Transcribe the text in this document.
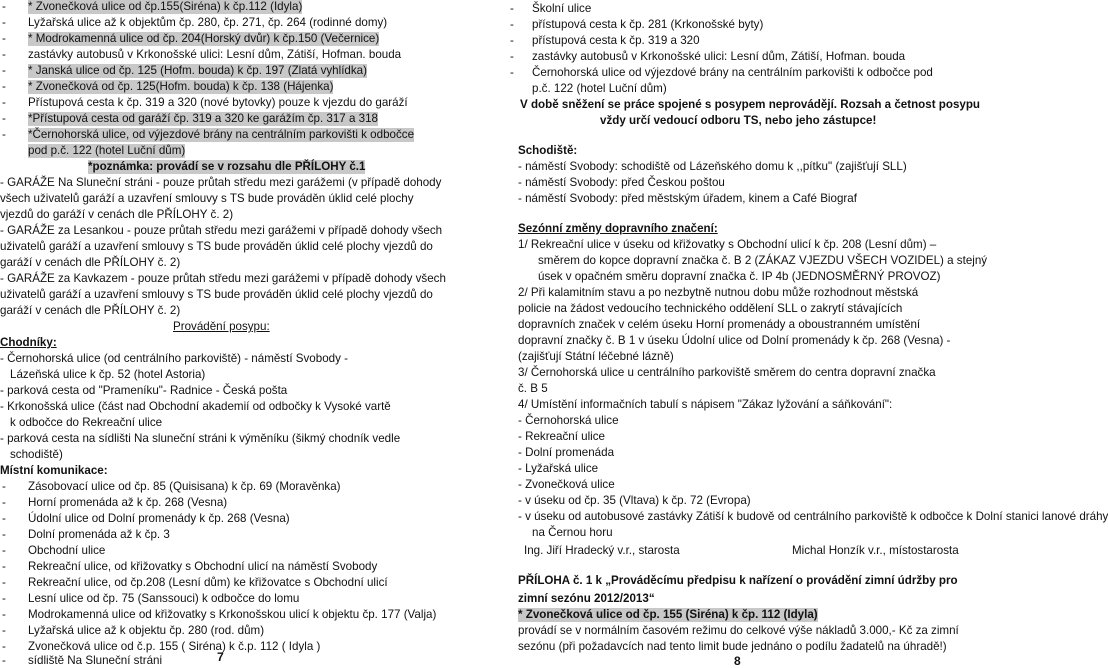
- * Zvonečková ulice od čp.155(Siréna) k čp.112 (Idyla)
- Lyžařská ulice až k objektům čp. 280, čp. 271, čp. 264 (rodinné domy)
- * Modrokamenná ulice od čp. 204(Horský dvůr) k čp.150 (Večernice)
- zastávky autobusů v Krkonošské ulici: Lesní dům, Zátiší, Hofman. bouda
- * Janská ulice od čp. 125 (Hofm. bouda) k čp. 197 (Zlatá vyhlídka)
- * Zvonečková od čp. 125(Hofm. bouda) k čp. 138 (Hájenka)
- Přístupová cesta k čp. 319 a 320 (nové bytovky) pouze k vjezdu do garáží
- *Přístupová cesta od garáží čp. 319 a 320 ke garážím čp. 317 a 318
- *Černohorská ulice, od výjezdové brány na centrálním parkovišti k odbočce
pod p.č. 122 (hotel Luční dům)
*poznámka: provádí se v rozsahu dle PŘÍLOHY č.1
- GARÁŽE Na Sluneční stráni - pouze průtah středu mezi garážemi (v případě dohody
všech uživatelů garáží a uzavření smlouvy s TS bude prováděn úklid celé plochy
vjezdů do garáží v cenách dle PŘÍLOHY č. 2)
- GARÁŽE za Lesankou - pouze průtah středu mezi garážemi v případě dohody všech
uživatelů garáží a uzavření smlouvy s TS bude prováděn úklid celé plochy vjezdů do
garáží v cenách dle PŘÍLOHY č. 2)
- GARÁŽE za Kavkazem - pouze průtah středu mezi garážemi v případě dohody všech
uživatelů garáží a uzavření smlouvy s TS bude prováděn úklid celé plochy vjezdů do
garáží v cenách dle PŘÍLOHY č. 2)
Provádění posypu:
Chodníky:
- Černohorská ulice (od centrálního parkoviště) - náměstí Svobody -
Lázeňská ulice k čp. 52 (hotel Astoria)
- parková cesta od "Prameníku"- Radnice - Česká pošta
- Krkonošská ulice (část nad Obchodní akademií od odbočky k Vysoké vartě
k odbočce do Rekreační ulice
- parková cesta na sídlišti Na sluneční stráni k výměníku (šikmý chodník vedle
schodiště)
Místní komunikace:
- Zásobovací ulice od čp. 85 (Quisisana) k čp. 69 (Moravěnka)
- Horní promenáda až k čp. 268 (Vesna)
- Údolní ulice od Dolní promenády k čp. 268 (Vesna)
- Dolní promenáda až k čp. 3
- Obchodní ulice
- Rekreační ulice, od křižovatky s Obchodní ulicí na náměstí Svobody
- Rekreační ulice, od čp.208 (Lesní dům) ke křižovatce s Obchodní ulicí
- Lesní ulice od čp. 75 (Sanssouci) k odbočce do lomu
- Modrokamenná ulice od křižovatky s Krkonošskou ulicí k objektu čp. 177 (Valja)
- Lyžařská ulice až k objektu čp. 280 (rod. dům)
- Zvonečková ulice od č.p. 155 ( Siréna) k č.p. 112 ( Idyla )
- sídliště Na Sluneční stráni
- Školní ulice
- přístupová cesta k čp. 281 (Krkonošské byty)
- přístupová cesta k čp. 319 a 320
- zastávky autobusů v Krkonošské ulici: Lesní dům, Zátiší, Hofman. bouda
- Černohorská ulice od výjezdové brány na centrálním parkovišti k odbočce pod
p.č. 122 (hotel Luční dům)
V době sněžení se práce spojené s posypem neprovádějí. Rozsah a četnost posypu
vždy určí vedoucí odboru TS, nebo jeho zástupce!
Schodiště:
- náměstí Svobody: schodiště od Lázeňského domu k ,,pítku" (zajišťují SLL)
- náměstí Svobody: před Českou poštou
- náměstí Svobody: před městským úřadem, kinem a Café Biograf
Sezónní změny dopravního značení:
1/ Rekreační ulice v úseku od křižovatky s Obchodní ulicí k čp. 208 (Lesní dům) –
směrem do kopce dopravní značka č. B 2 (ZÁKAZ VJEZDU VŠECH VOZIDEL) a stejný
úsek v opačném směru dopravní značka č. IP 4b (JEDNOSMĚRNÝ PROVOZ)
2/ Při kalamitním stavu a po nezbytně nutnou dobu může rozhodnout městská
policie na žádost vedoucího technického oddělení SLL o zakrytí stávajících
dopravních značek v celém úseku Horní promenády a oboustranném umístění
dopravní značky č. B 1 v úseku Údolní ulice od Dolní promenády k čp. 268 (Vesna) -
(zajišťují Státní léčebné lázně)
3/ Černohorská ulice u centrálního parkoviště směrem do centra dopravní značka
č. B 5
4/ Umístění informačních tabulí s nápisem "Zákaz lyžování a sáňkování":
- Černohorská ulice
- Rekreační ulice
- Dolní promenáda
- Lyžařská ulice
- Zvonečková ulice
- v úseku od čp. 35 (Vltava) k čp. 72 (Evropa)
- v úseku od autobusové zastávky Zátiší k budově od centrálního parkoviště k odbočce k Dolní stanici lanové dráhy
na Černou horu
Ing. Jiří Hradecký v.r., starosta	Michal Honzík v.r., místostarosta
PŘÍLOHA č. 1 k „Prováděcímu předpisu k nařízení o provádění zimní údržby pro
zimní sezónu 2012/2013“
* Zvonečková ulice od čp. 155 (Siréna) k čp. 112 (Idyla)
provádí se v normálním časovém režimu do celkové výše nákladů 3.000,- Kč za zimní
sezónu (při požadavcích nad tento limit bude jednáno o podílu žadatelů na úhradě!)
7	8
